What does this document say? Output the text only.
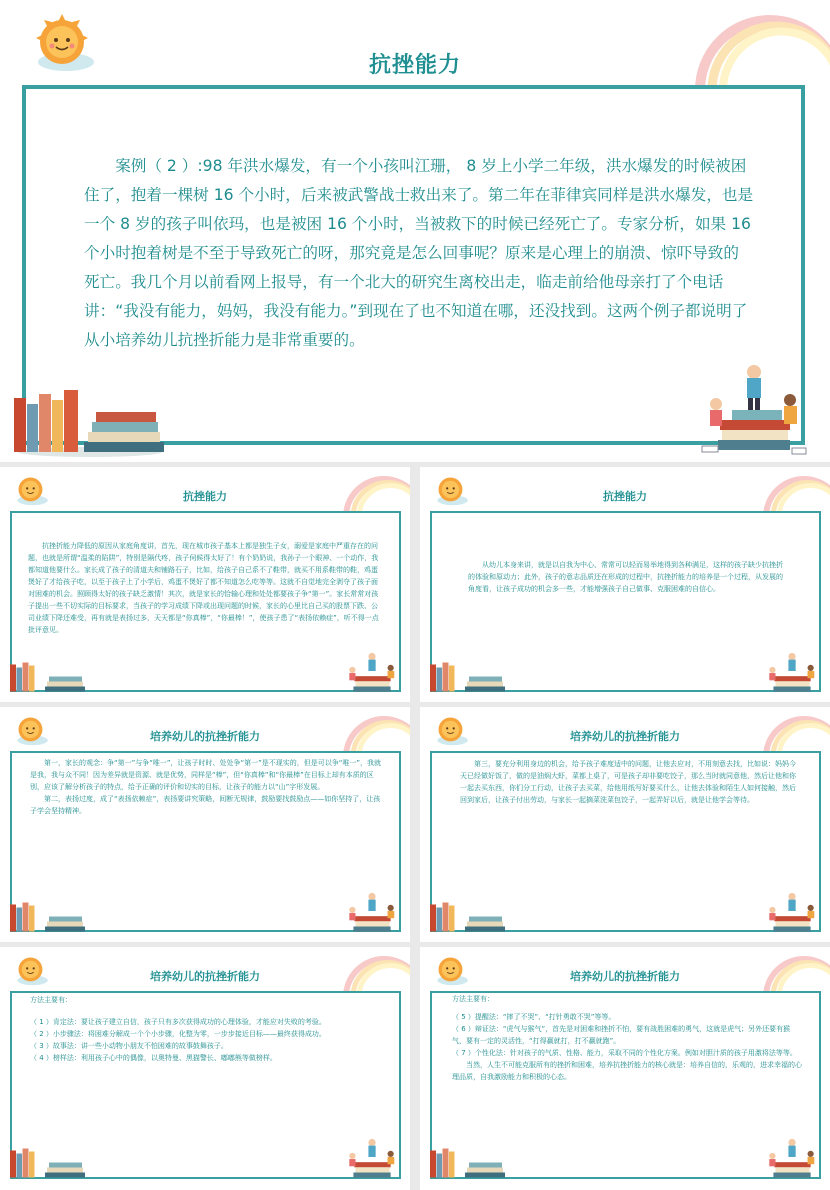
抗挫能力

案例（ 2 ）:98 年洪水爆发，有一个小孩叫江珊， 8 岁上小学二年级，洪水爆发的时候被困住了，抱着一棵树 16 个小时，后来被武警战士救出来了。第二年在菲律宾同样是洪水爆发，也是一个 8 岁的孩子叫依玛，也是被困 16 个小时，当被救下的时候已经死亡了。专家分析，如果 16 个小时抱着树是不至于导致死亡的呀，那究竟是怎么回事呢？原来是心理上的崩溃、惊吓导致的死亡。我几个月以前看网上报导，有一个北大的研究生离校出走，临走前给他母亲打了个电话讲：“我没有能力，妈妈，我没有能力。”到现在了也不知道在哪，还没找到。这两个例子都说明了从小培养幼儿抗挫折能力是非常重要的。

抗挫能力

抗挫折能力降低的原因从家庭角度讲，首先，现在城市孩子基本上都是独生子女，溺爱是家庭中严重存在的问题，也就是所谓“温柔的陷阱”，特别是隔代疼，孩子伺候得太好了！有个奶奶说，我孙子一个眼神、一个动作，我都知道他要什么。家长成了孩子的清道夫和铺路石子，比如，给孩子自己系不了鞋带，就买不用系鞋带的鞋，鸡蛋煲好了才给孩子吃，以至于孩子上了小学后，鸡蛋不煲好了都不知道怎么吃等等。这就不自觉地完全剥夺了孩子面对困难的机会。照顾得太好的孩子缺乏激情！其次，就是家长的恰输心理和处处都要孩子争“第一”。家长常常对孩子提出一些不切实际的目标要求，当孩子的学习成绩下降或出现问题的时候，家长的心里比自己买的股票下跌、公司业绩下降还难受，再有就是表扬过多，天天都是“你真棒”，“你最棒！”，使孩子患了“表扬依赖症”，听不得一点批评意见。

抗挫能力

从幼儿本身来讲，就是以自我为中心、常常可以轻而易举地得到各种满足，这样的孩子缺少抗挫折的体验和原动力；此外，孩子的意志品质还在形成的过程中，抗挫折能力的培养是一个过程，从发展的角度看，让孩子成功的机会多一些，才能增强孩子自己做事、克服困难的自信心。

培养幼儿的抗挫折能力

第一，家长的观念：争“第一”与争“唯一”，让孩子时时、处处争“第一”是不现实的，但是可以争“唯一”，我就是我，我与众不同！因为差异就是资源、就是优势，同样是“棒”，但“你真棒”和“你最棒”在目标上却有本质的区别，应该了解分析孩子的特点，给予正确的评价和切实的目标，让孩子的能力以“山”字形发展。

第二，表扬过度，成了“表扬依赖症”，表扬要讲究策略，间断无规律，鼓励要找鼓励点——如你坚持了，让孩子学会坚持精神。

培养幼儿的抗挫折能力

第三，要充分利用身边的机会，给予孩子难度适中的问题，让他去应对，不用刻意去找，比如说：妈妈今天已经做好饭了，做的是油焖大虾，菜都上桌了，可是孩子却非要吃饺子，那么当时就同意他，然后让他和你一起去买东西，你们分工行动，让孩子去买菜，给他用纸写好要买什么，让他去体验和陌生人如何接触，然后回到家后，让孩子付出劳动，与家长一起摘菜洗菜包饺子，一起弄好以后，就是让他学会等待。

培养幼儿的抗挫折能力

方法主要有：

（ 1 ）肯定法：要让孩子建立自信，孩子只有多次获得成功的心理体验，才能应对失败的考验。

（ 2 ）小步骤法：将困难分解成一个个小步骤，化整为零，一步步接近目标——最终获得成功。

（ 3 ）故事法：讲一些小动物小朋友不怕困难的故事鼓舞孩子。

（ 4 ）榜样法：利用孩子心中的偶像，以奥特曼、黑猫警长、嘟嘟熊等做榜样。

培养幼儿的抗挫折能力

方法主要有：

（ 5 ）提醒法：“摔了不哭”、“打针勇敢不哭”等等。

（ 6 ）辩证法：“虎气与猴气”，首先是对困难和挫折不怕，要有战胜困难的勇气，这就是虎气；另外还要有猴气，要有一定的灵活性，“打得赢就打，打不赢就跑”。

（ 7 ）个性化法：针对孩子的气质、性格、能力，采取不同的个性化方案。例如对胆汁质的孩子用激将法等等。

当然，人生不可能克服所有的挫折和困难，培养抗挫折能力的核心就是：培养自信的，乐观的，进求幸福的心理品质，自我激励能力和积极的心态。
